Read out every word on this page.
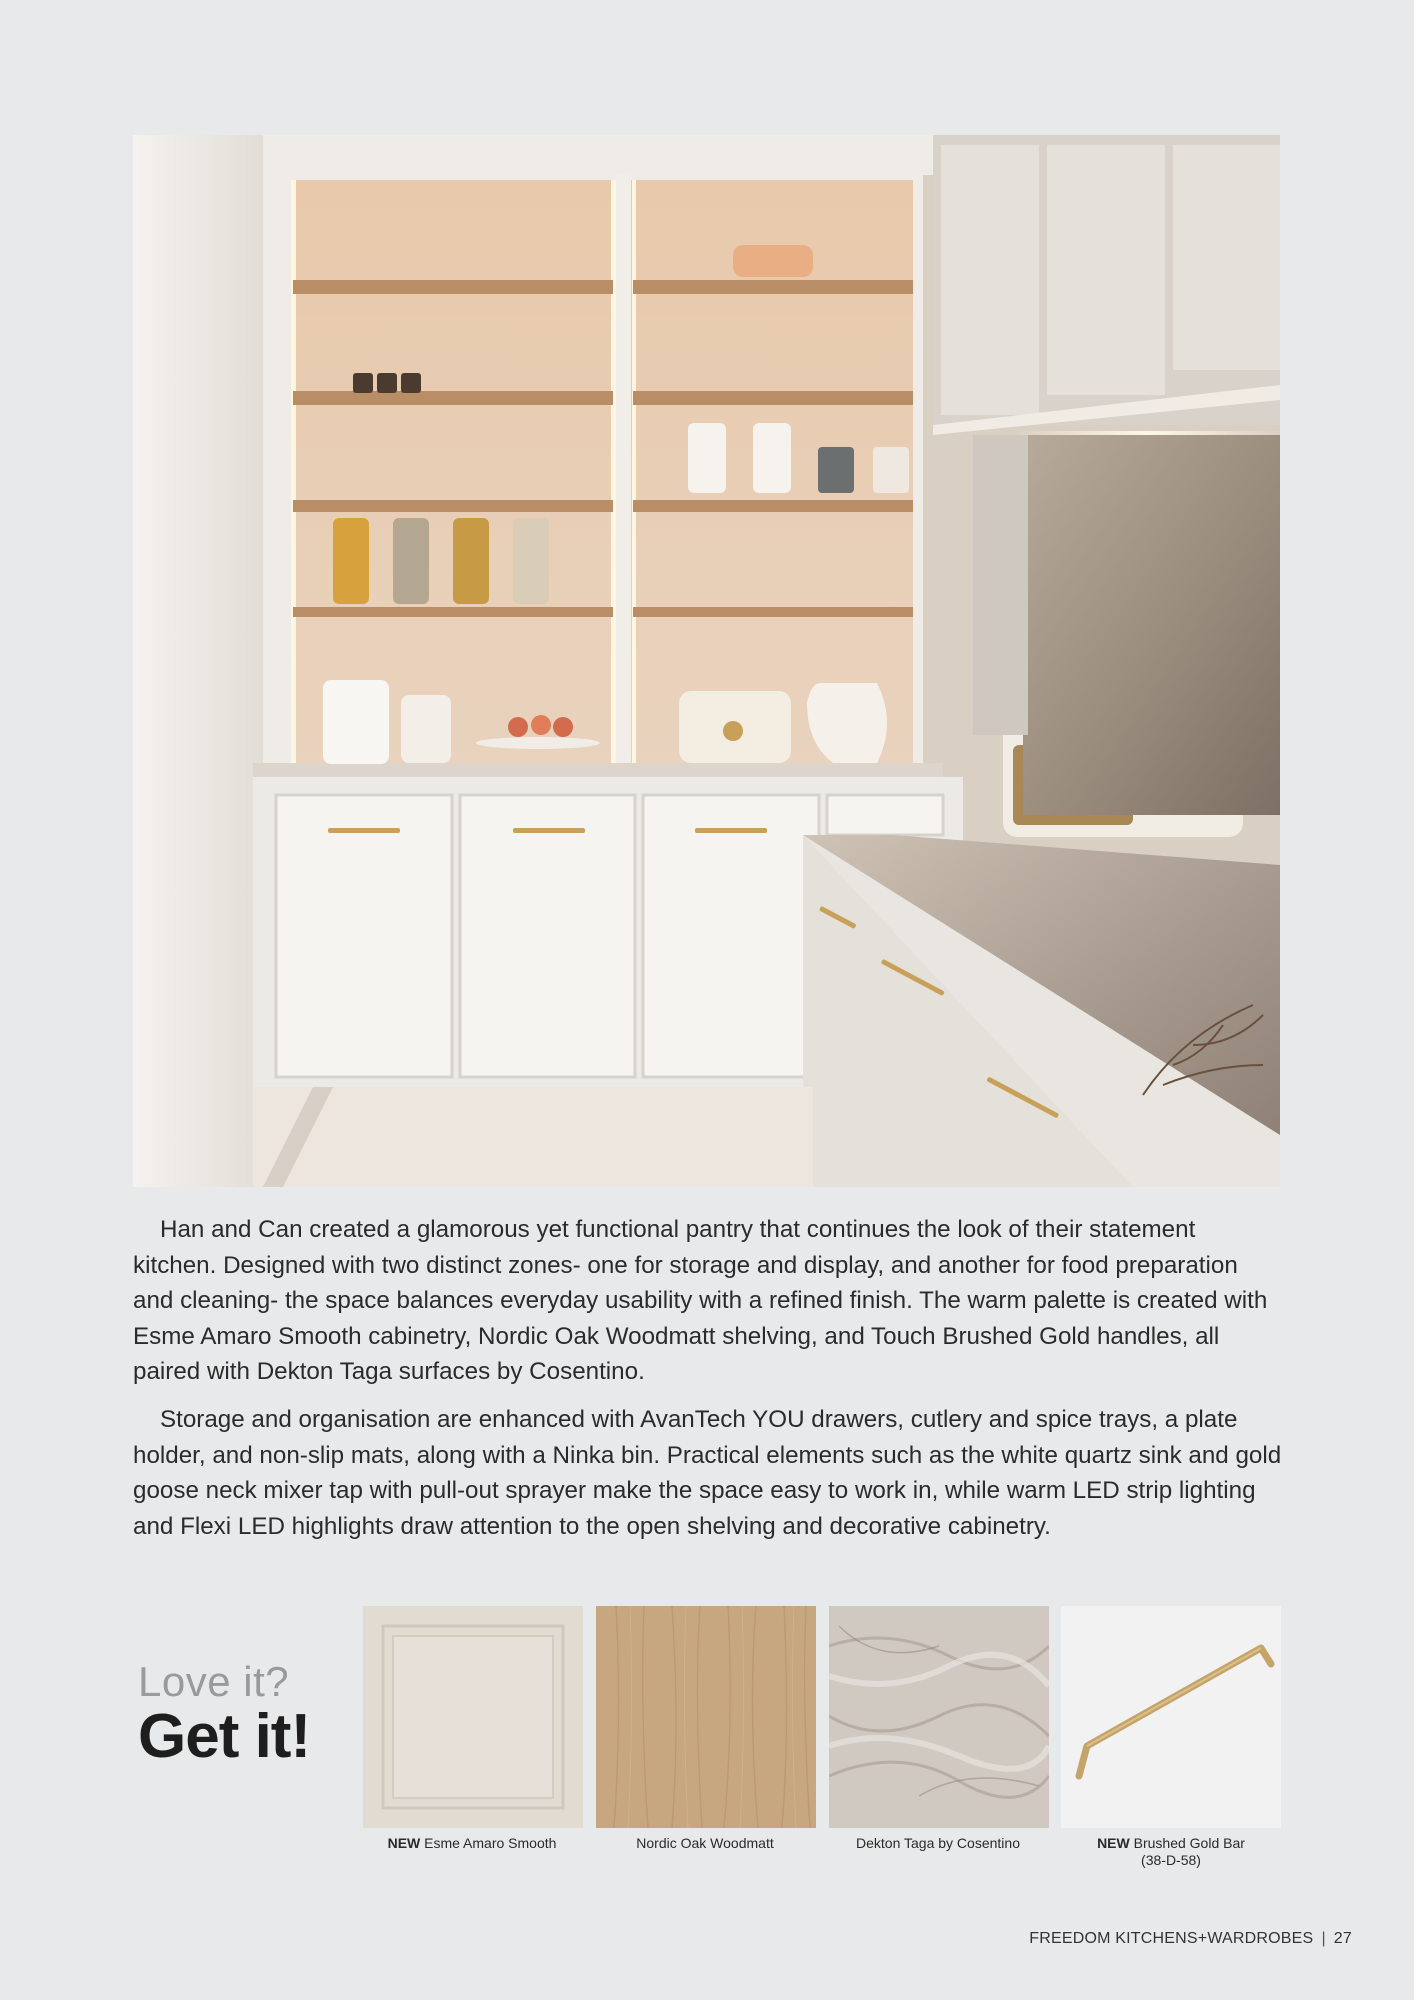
Han and Can created a glamorous yet functional pantry that continues the look of their statement kitchen. Designed with two distinct zones- one for storage and display, and another for food preparation and cleaning- the space balances everyday usability with a refined finish. The warm palette is created with Esme Amaro Smooth cabinetry, Nordic Oak Woodmatt shelving, and Touch Brushed Gold handles, all paired with Dekton Taga surfaces by Cosentino.

Storage and organisation are enhanced with AvanTech YOU drawers, cutlery and spice trays, a plate holder, and non-slip mats, along with a Ninka bin. Practical elements such as the white quartz sink and gold goose neck mixer tap with pull-out sprayer make the space easy to work in, while warm LED strip lighting and Flexi LED highlights draw attention to the open shelving and decorative cabinetry.

Love it?
Get it!
NEW Esme Amaro Smooth	Nordic Oak Woodmatt	Dekton Taga by Cosentino	NEW Brushed Gold Bar
(38-D-58)
FREEDOM KITCHENS+WARDROBES | 27
